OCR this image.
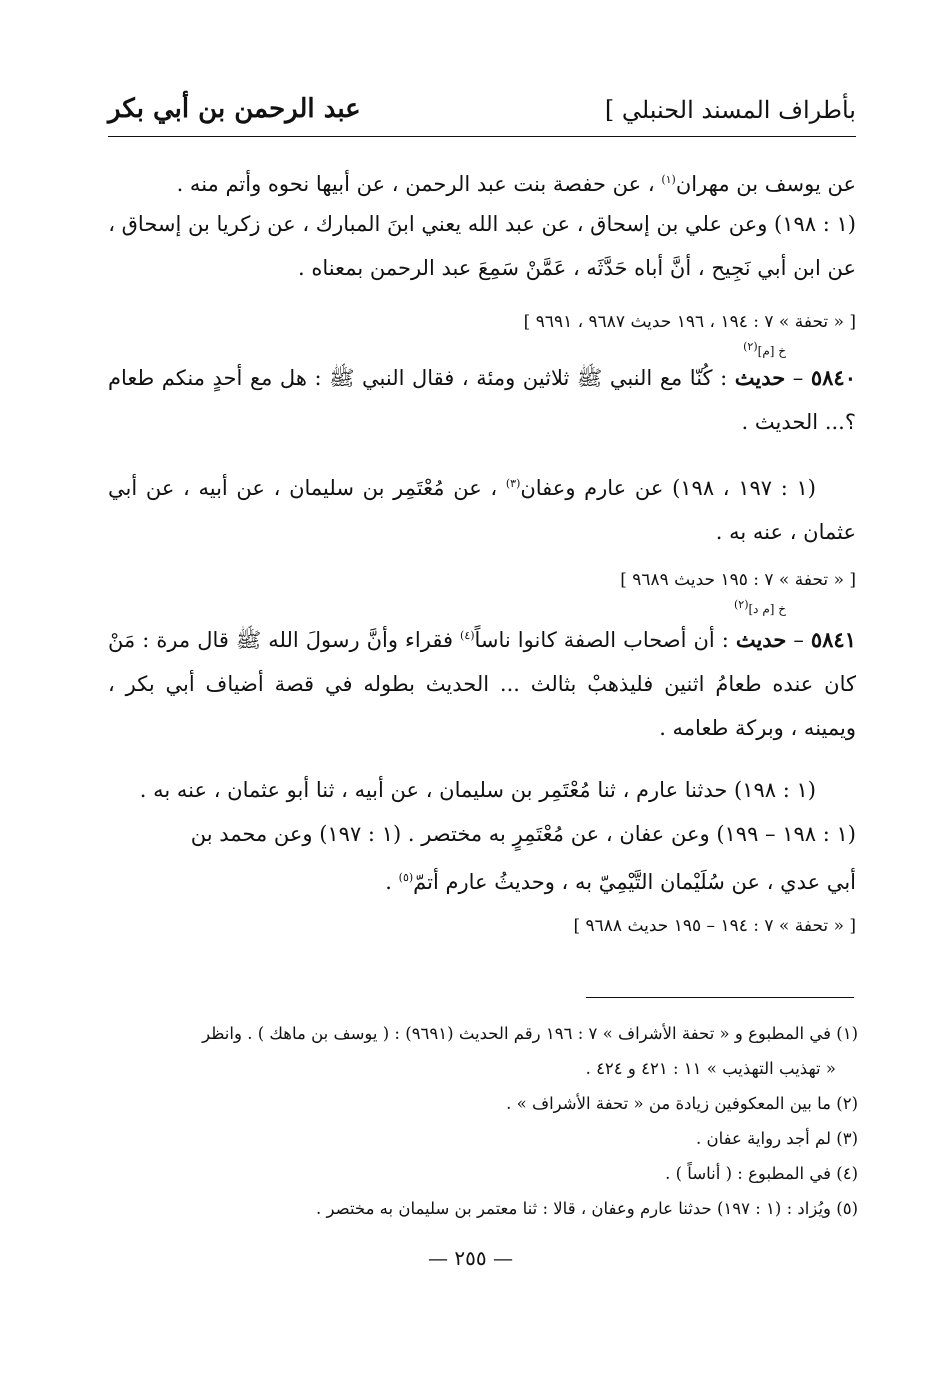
بأطراف المسند الحنبلي ]
عبد الرحمن بن أبي بكر

عن يوسف بن مهران$^{(١)}$ ، عن حفصة بنت عبد الرحمن ، عن أبيها نحوه وأتم منه .

(١ : ١٩٨) وعن علي بن إسحاق ، عن عبد الله يعني ابنَ المبارك ، عن زكريا بن إسحاق ،

عن ابن أبي نَجِيح ، أنَّ أباه حَدَّثَه ، عَمَّنْ سَمِعَ عبد الرحمن بمعناه .

[ « تحفة » ٧ : ١٩٤ ، ١٩٦ حديث ٩٦٨٧ ، ٩٦٩١ ]
خ [م]$^{(٢)}$

٥٨٤٠ – حديث : كُنّا مع النبي ﷺ ثلاثين ومئة ، فقال النبي ﷺ : هل مع أحدٍ منكم طعام ؟... الحديث .

(١ : ١٩٧ ، ١٩٨) عن عارم وعفان$^{(٣)}$ ، عن مُعْتَمِر بن سليمان ، عن أبيه ، عن أبي عثمان ، عنه به .

[ « تحفة » ٧ : ١٩٥ حديث ٩٦٨٩ ]
خ [م د]$^{(٢)}$

٥٨٤١ – حديث : أن أصحاب الصفة كانوا ناساً$^{(٤)}$ فقراء وأنَّ رسولَ الله ﷺ قال مرة : مَنْ كان عنده طعامُ اثنين فليذهبْ بثالث ... الحديث بطوله في قصة أضياف أبي بكر ، ويمينه ، وبركة طعامه .

(١ : ١٩٨) حدثنا عارم ، ثنا مُعْتَمِر بن سليمان ، عن أبيه ، ثنا أبو عثمان ، عنه به .

(١ : ١٩٨ – ١٩٩) وعن عفان ، عن مُعْتَمِرٍ به مختصر . (١ : ١٩٧) وعن محمد بن

أبي عدي ، عن سُلَيْمان التَّيْمِيّ به ، وحديثُ عارم أتمّ$^{(٥)}$ .

[ « تحفة » ٧ : ١٩٤ – ١٩٥ حديث ٩٦٨٨ ]

(١) في المطبوع و « تحفة الأشراف » ٧ : ١٩٦ رقم الحديث (٩٦٩١) : ( يوسف بن ماهك ) . وانظر

« تهذيب التهذيب » ١١ : ٤٢١ و ٤٢٤ .

(٢) ما بين المعكوفين زيادة من « تحفة الأشراف » .

(٣) لم أجد رواية عفان .

(٤) في المطبوع : ( أناساً ) .

(٥) ويُزاد : (١ : ١٩٧) حدثنا عارم وعفان ، قالا : ثنا معتمر بن سليمان به مختصر .

— ٢٥٥ —
